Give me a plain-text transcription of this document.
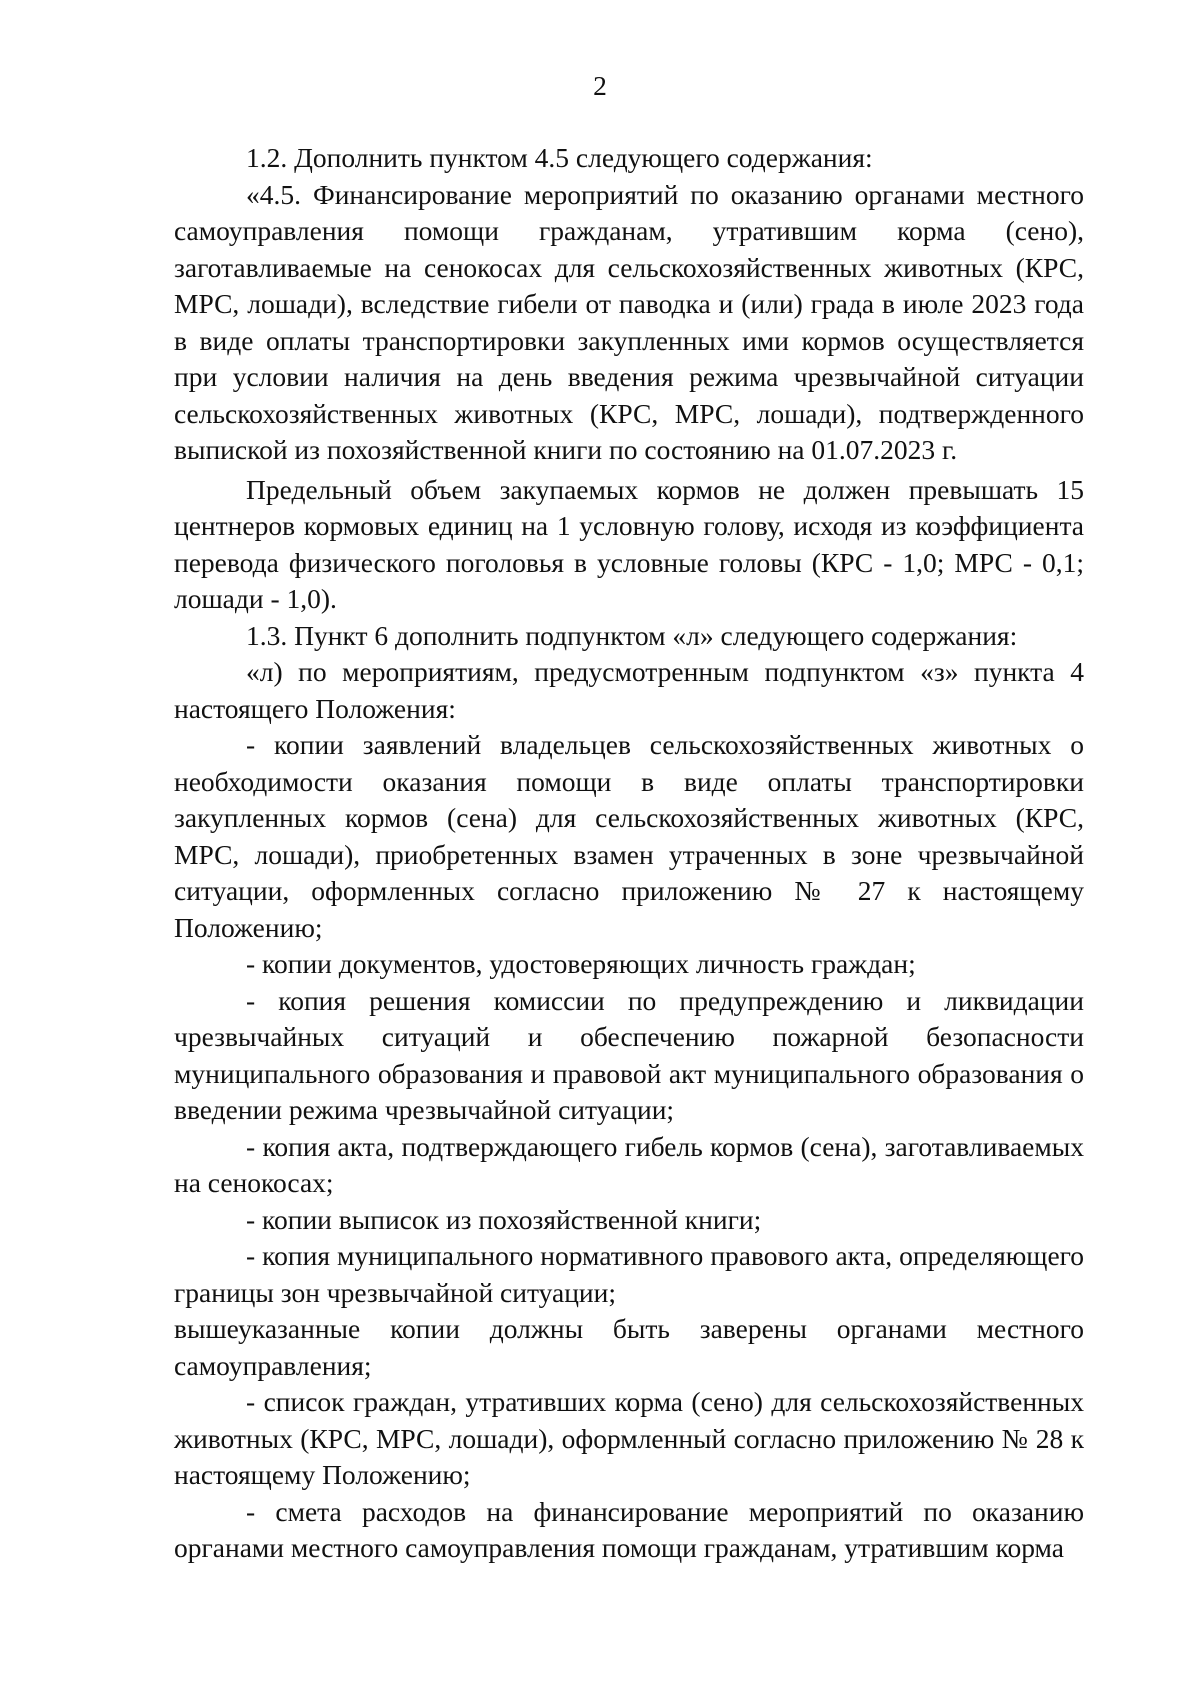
2

1.2. Дополнить пунктом 4.5 следующего содержания:

«4.5. Финансирование мероприятий по оказанию органами местного самоуправления помощи гражданам, утратившим корма (сено), заготавливаемые на сенокосах для сельскохозяйственных животных (КРС, МРС, лошади), вследствие гибели от паводка и (или) града в июле 2023 года в виде оплаты транспортировки закупленных ими кормов осуществляется при условии наличия на день введения режима чрезвычайной ситуации сельскохозяйственных животных (КРС, МРС, лошади), подтвержденного выпиской из похозяйственной книги по состоянию на 01.07.2023 г.

Предельный объем закупаемых кормов не должен превышать 15 центнеров кормовых единиц на 1 условную голову, исходя из коэффициента перевода физического поголовья в условные головы (КРС - 1,0; МРС - 0,1; лошади - 1,0).

1.3. Пункт 6 дополнить подпунктом «л» следующего содержания:

«л) по мероприятиям, предусмотренным подпунктом «з» пункта 4 настоящего Положения:

- копии заявлений владельцев сельскохозяйственных животных о необходимости оказания помощи в виде оплаты транспортировки закупленных кормов (сена) для сельскохозяйственных животных (КРС, МРС, лошади), приобретенных взамен утраченных в зоне чрезвычайной ситуации, оформленных согласно приложению № 27 к настоящему Положению;

- копии документов, удостоверяющих личность граждан;

- копия решения комиссии по предупреждению и ликвидации чрезвычайных ситуаций и обеспечению пожарной безопасности муниципального образования и правовой акт муниципального образования о введении режима чрезвычайной ситуации;

- копия акта, подтверждающего гибель кормов (сена), заготавливаемых на сенокосах;

- копии выписок из похозяйственной книги;

- копия муниципального нормативного правового акта, определяющего границы зон чрезвычайной ситуации;

вышеуказанные копии должны быть заверены органами местного самоуправления;

- список граждан, утративших корма (сено) для сельскохозяйственных животных (КРС, МРС, лошади), оформленный согласно приложению № 28 к настоящему Положению;

- смета расходов на финансирование мероприятий по оказанию органами местного самоуправления помощи гражданам, утратившим корма
